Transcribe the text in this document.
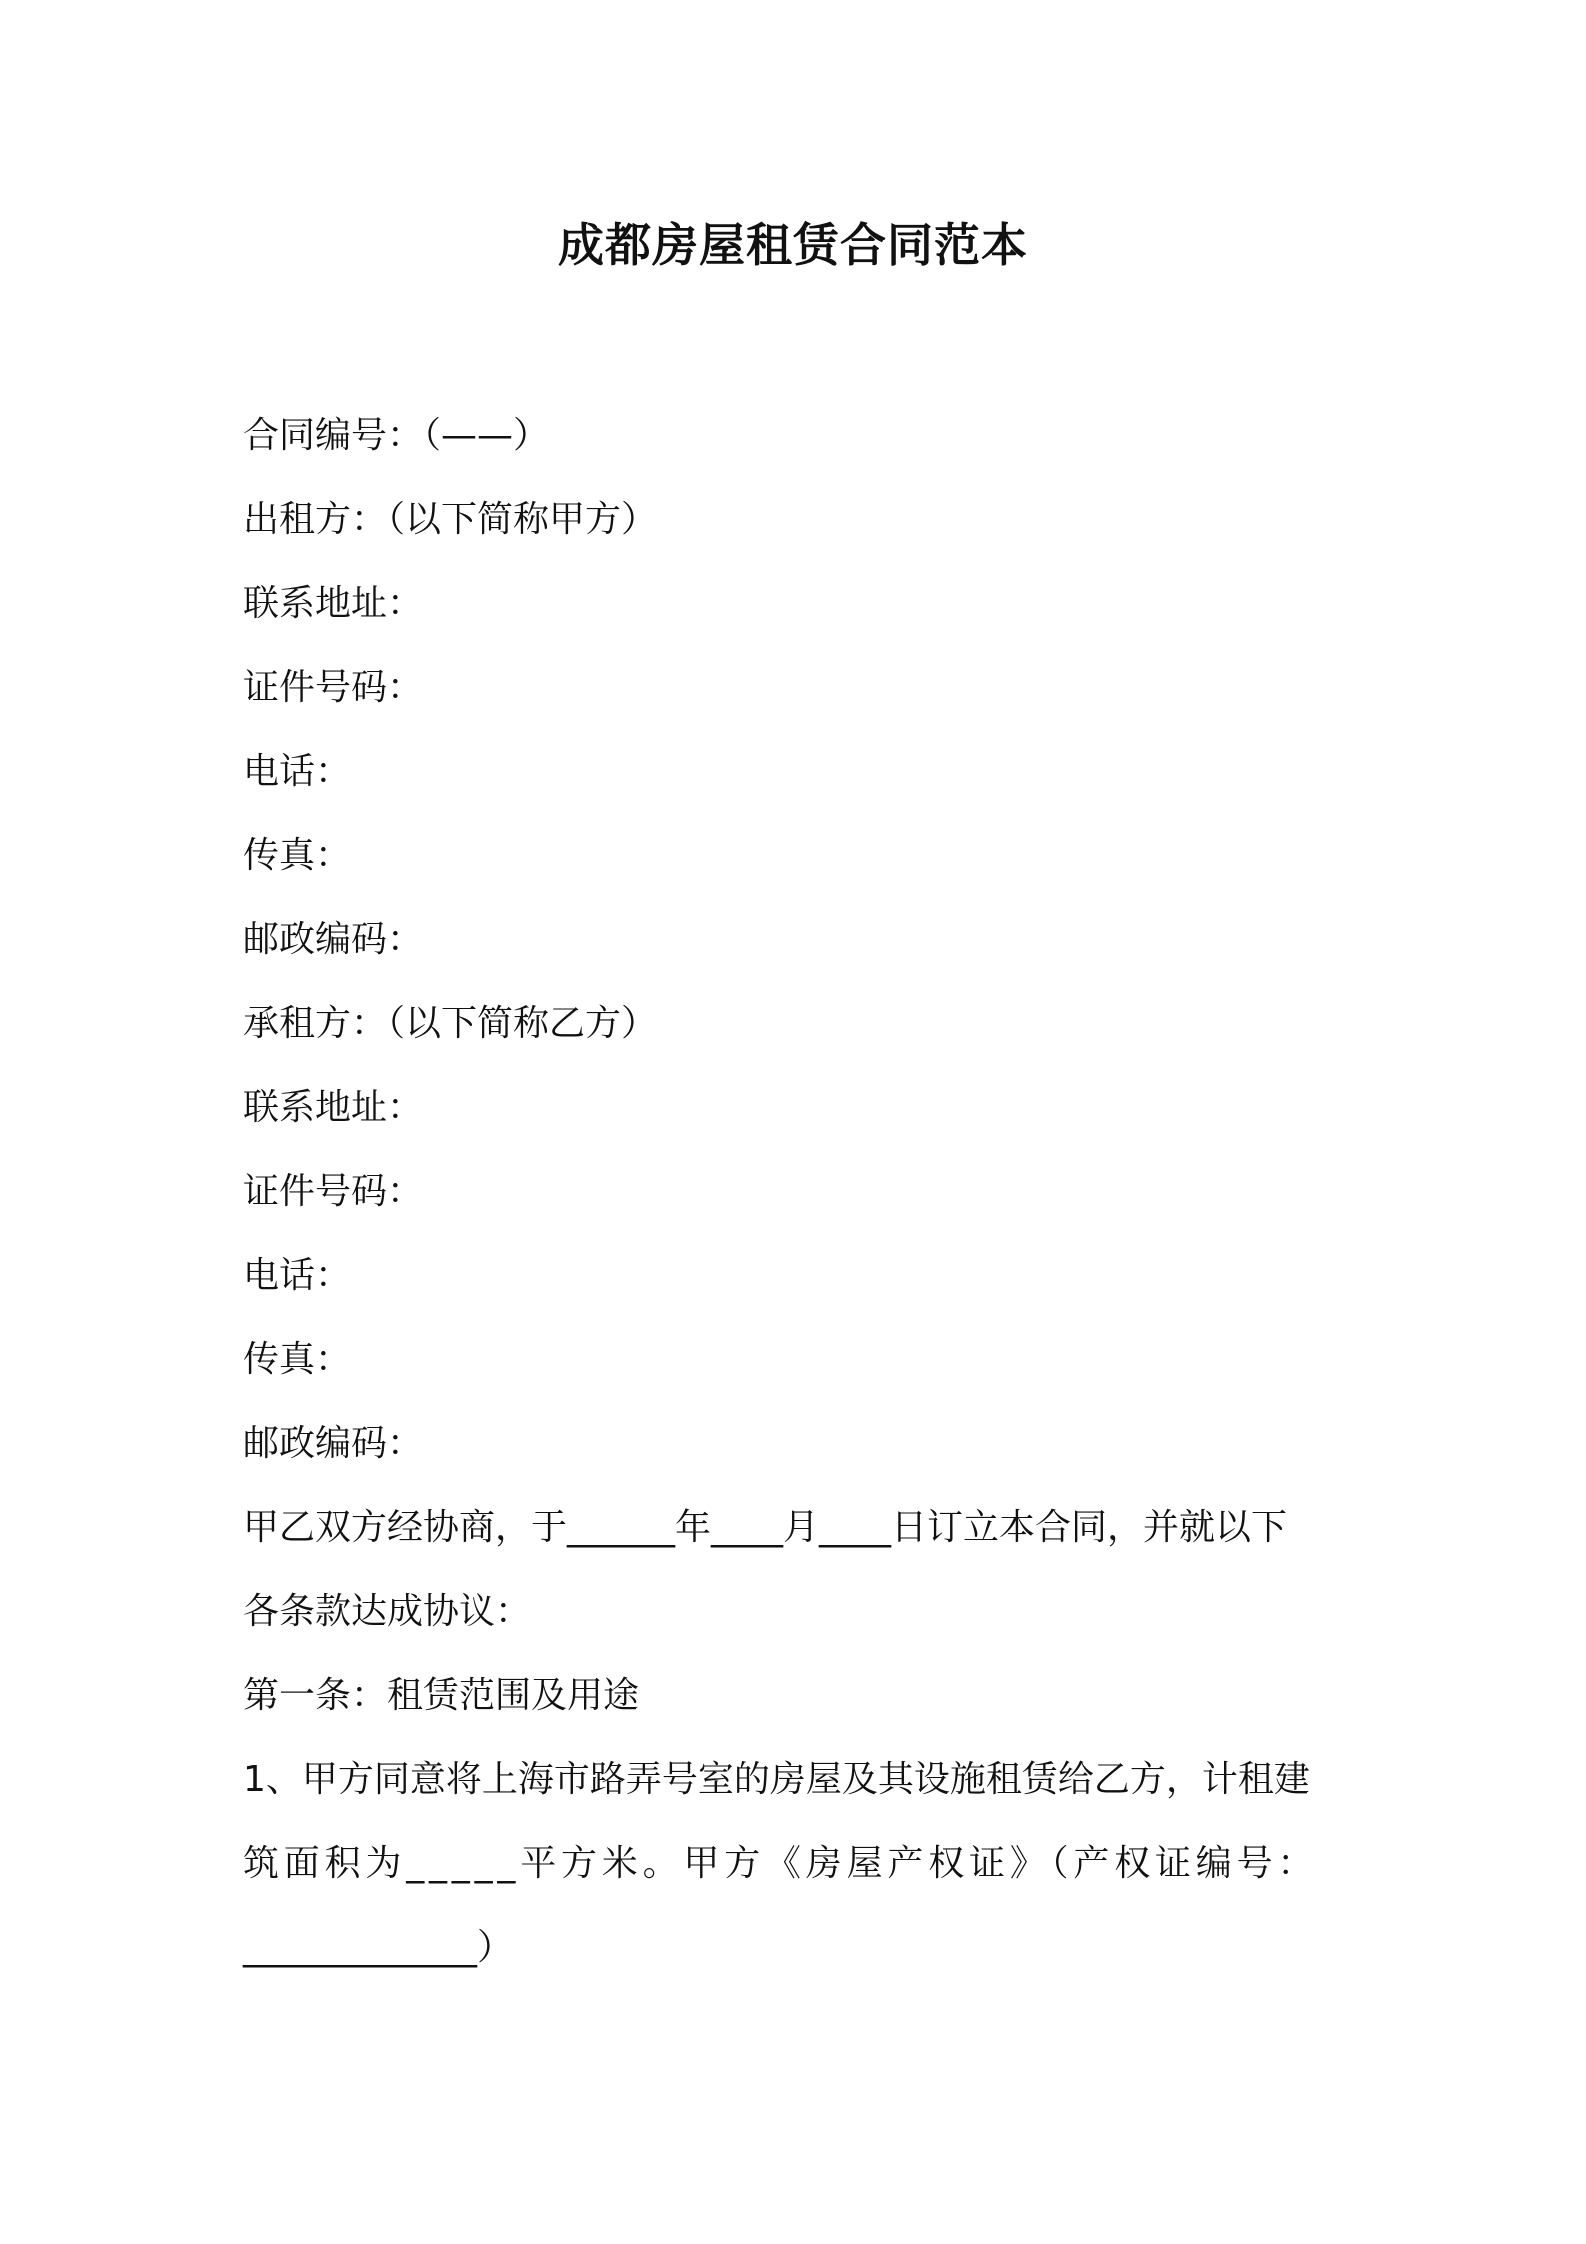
成都房屋租赁合同范本

合同编号：（——）

出租方：（以下简称甲方）

联系地址：

证件号码：

电话：

传真：

邮政编码：

承租方：（以下简称乙方）

联系地址：

证件号码：

电话：

传真：

邮政编码：

甲乙双方经协商，于______年____月____日订立本合同，并就以下

各条款达成协议：

第一条：租赁范围及用途

1、甲方同意将上海市路弄号室的房屋及其设施租赁给乙方，计租建

筑面积为_____平方米。甲方《房屋产权证》（产权证编号：

_____________）
